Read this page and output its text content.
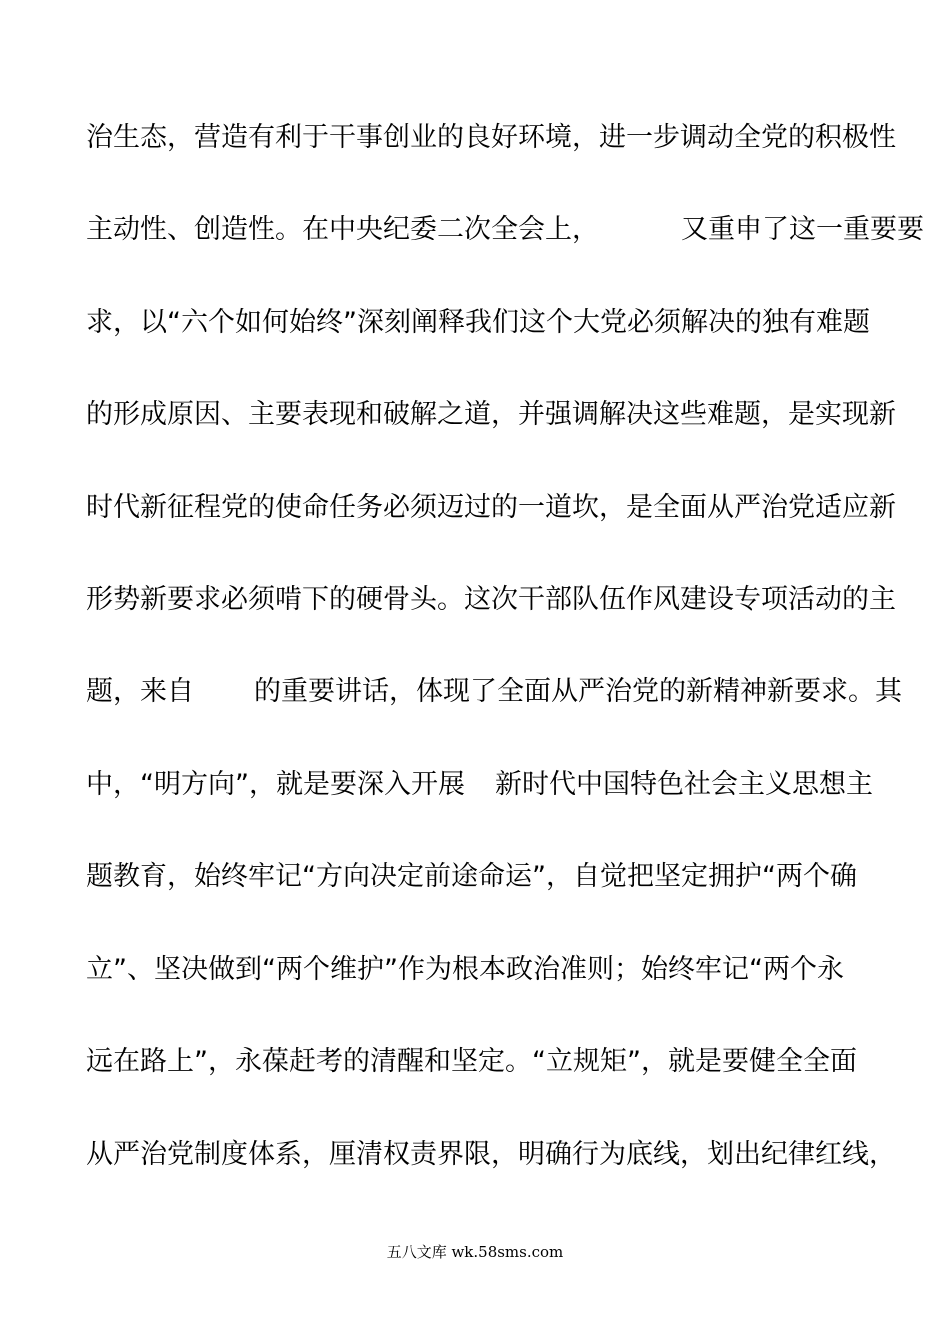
治生态，营造有利于干事创业的良好环境，进一步调动全党的积极性
主动性、创造性。在中央纪委二次全会上，	又重申了这一重要要
求，以“六个如何始终”深刻阐释我们这个大党必须解决的独有难题
的形成原因、主要表现和破解之道，并强调解决这些难题，是实现新
时代新征程党的使命任务必须迈过的一道坎，是全面从严治党适应新
形势新要求必须啃下的硬骨头。这次干部队伍作风建设专项活动的主
题，来自 的重要讲话，体现了全面从严治党的新精神新要求。其
中，“明方向”，就是要深入开展 新时代中国特色社会主义思想主
题教育，始终牢记“方向决定前途命运”，自觉把坚定拥护“两个确
立”、坚决做到“两个维护”作为根本政治准则；始终牢记“两个永
远在路上”，永葆赶考的清醒和坚定。“立规矩”，就是要健全全面
从严治党制度体系，厘清权责界限，明确行为底线，划出纪律红线，
五八文库 wk.58sms.com
